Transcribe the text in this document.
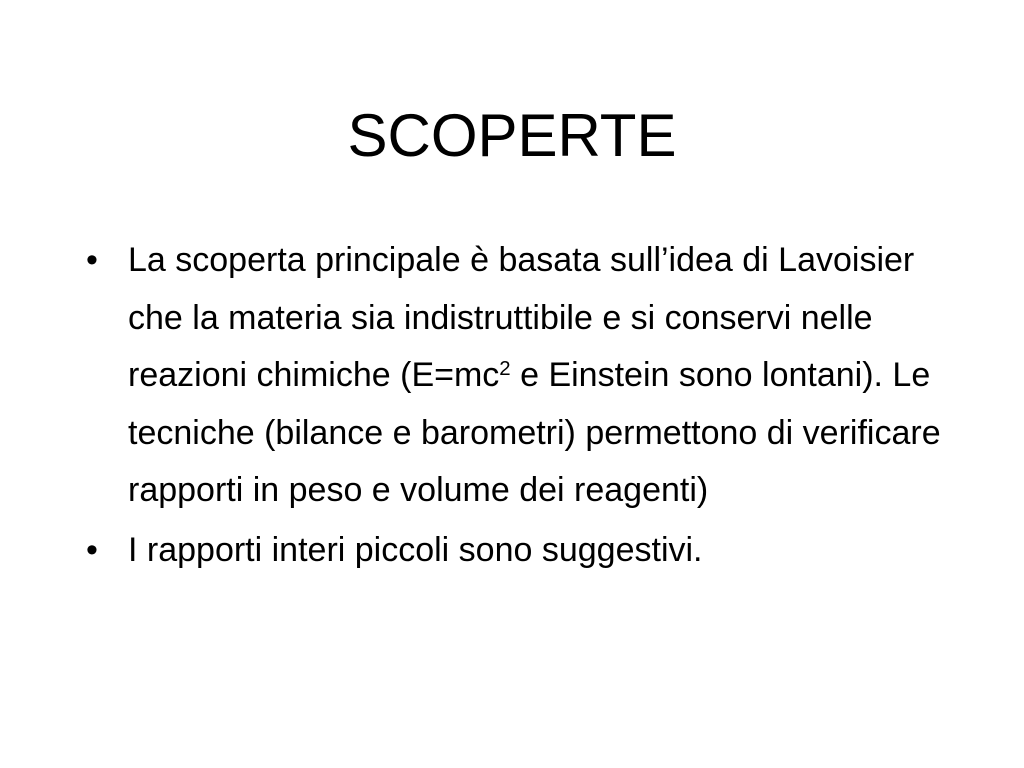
SCOPERTE
• La scoperta principale è basata sull’idea di Lavoisier che la materia sia indistruttibile e si conservi nelle reazioni chimiche ($E=mc^2$ e Einstein sono lontani). Le tecniche (bilance e barometri) permettono di verificare rapporti in peso e volume dei reagenti)
• I rapporti interi piccoli sono suggestivi.
